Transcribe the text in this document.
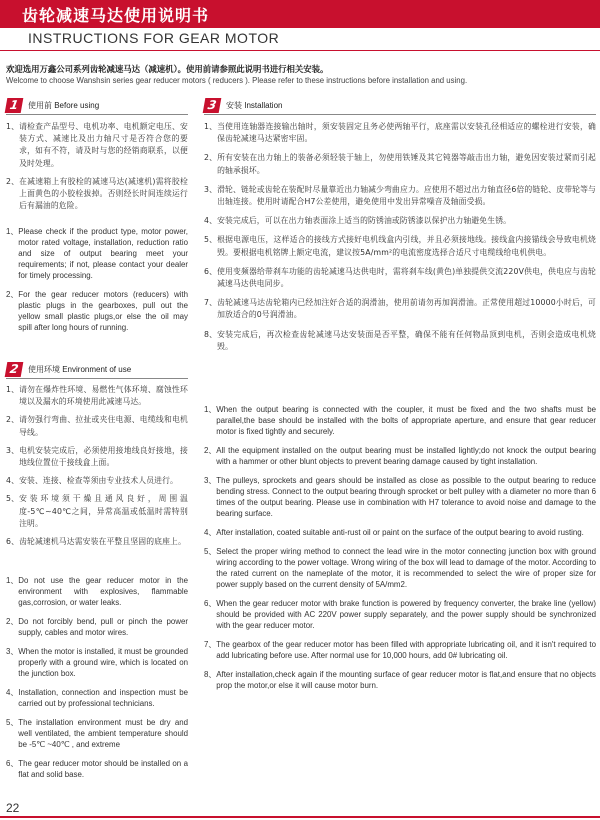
齿轮减速马达使用说明书
INSTRUCTIONS FOR GEAR MOTOR
欢迎选用万鑫公司系列齿轮减速马达（减速机）。使用前请参照此说明书进行相关安装。
Welcome to choose Wanshsin series gear reducer motors ( reducers ). Please refer to these instructions before installation and using.
1	使用前 Before using
1、 请检查产品型号、电机功率、电机额定电压、安装方式、减速比及出力轴尺寸是否符合您的要求，如有不符，请及时与您的经销商联系，以便及时处理。
2、 在减速箱上有胶栓的减速马达(减速机)需将胶栓上面黄色的小胶栓拔掉。否则经长时间连续运行后有漏油的危险。
1、 Please check if the product type, motor power, motor rated voltage, installation, reduction ratio and size of output bearing meet your requirements; if not, please contact your dealer for timely processing.
2、 For the gear reducer motors (reducers) with plastic plugs in the gearboxes, pull out the yellow small plastic plugs,or else the oil may spill after long hours of running.
2	使用环境 Environment of use
1、 请勿在爆炸性环境、易燃性气体环境、腐蚀性环境以及漏水的环境使用此减速马达。
2、 请勿强行弯曲、拉扯或夹住电源、电缆线和电机导线。
3、 电机安装完成后，必须使用接地线良好接地，接地线位置位于接线盒上面。
4、 安装、连接、检查等须由专业技术人员进行。
5、 安装环境须干燥且通风良好，周围温度-5℃~40℃之间，异常高温或低温时需特别注明。
6、 齿轮减速机马达需安装在平整且坚固的底座上。
1、 Do not use the gear reducer motor in the environment with explosives, flammable gas,corrosion, or water leaks.
2、 Do not forcibly bend, pull or pinch the power supply, cables and motor wires.
3、 When the motor is installed, it must be grounded properly with a ground wire, which is located on the junction box.
4、 Installation, connection and inspection must be carried out by professional technicians.
5、 The installation environment must be dry and well ventilated, the ambient temperature should be -5℃ ~40℃ , and extreme
6、 The gear reducer motor should be installed on a flat and solid base.
3	安装 Installation
1、 当使用连轴器连接输出轴时，须安装固定且务必使两轴平行，底座需以安装孔径相适应的螺栓进行安装，确保齿轮减速马达紧密牢固。
2、 所有安装在出力轴上的装备必须轻装于轴上，勿使用铁锤及其它钝器等敲击出力轴，避免因安装过紧而引起的轴承损坏。
3、 滑轮、链轮或齿轮在装配时尽量靠近出力轴减少弯曲应力。应使用不超过出力轴直径6倍的链轮、皮带轮等与出轴连接。使用时请配合H7公差使用，避免使用中发出异常噪音及轴面受损。
4、 安装完成后，可以在出力轴表面涂上适当的防锈油或防锈漆以保护出力轴避免生锈。
5、 根据电源电压，这样适合的接线方式接好电机线盒内引线，并且必须接地线。接线盒内接锚线会导致电机烧毁。要根据电机铭牌上额定电流，建议按5A/mm²的电流密度选择合适尺寸电缆线给电机供电。
6、 使用变频器给带刹车功能的齿轮减速马达供电时，需将刹车线(黄色)单独提供交流220V供电，供电应与齿轮减速马达供电同步。
7、 齿轮减速马达齿轮箱内已经加注好合适的润滑油，使用前请勿再加润滑油。正常使用超过10000小时后，可加放适合的0号润滑油。
8、 安装完成后，再次检查齿轮减速马达安装面是否平整，确保不能有任何物品顶到电机，否则会造成电机烧毁。
1、 When the output bearing is connected with the coupler, it must be fixed and the two shafts must be parallel,the base should be installed with the bolts of appropriate aperture, and ensure that gear reducer motor is fixed tightly and securely.
2、 All the equipment installed on the output bearing must be installed lightly;do not knock the output bearing with a hammer or other blunt objects to prevent bearing damage caused by tight installation.
3、 The pulleys, sprockets and gears should be installed as close as possible to the output bearing to reduce bending stress. Connect to the output bearing through sprocket or belt pulley with a diameter no more than 6 times of the output bearing. Please use in combination with H7 tolerance to avoid noise and damage to the bearing surface.
4、 After installation, coated suitable anti-rust oil or paint on the surface of the output bearing to avoid rusting.
5、 Select the proper wiring method to connect the lead wire in the motor connecting junction box with ground wiring according to the power voltage. Wrong wiring of the box will lead to damage of the motor. According to the rated current on the nameplate of the motor, it is recommended to select the wire of proper size for power supply based on the current density of 5A/mm2.
6、 When the gear reducer motor with brake function is powered by frequency converter, the brake line (yellow) should be provided with AC 220V power supply separately, and the power supply should be synchronized with the gear reducer motor.
7、 The gearbox of the gear reducer motor has been filled with appropriate lubricating oil, and it isn't required to add lubricating before use. After normal use for 10,000 hours, add 0# lubricating oil.
8、 After installation,check again if the mounting surface of gear reducer motor is flat,and ensure that no objects prop the motor,or else it will cause motor burn.
22
